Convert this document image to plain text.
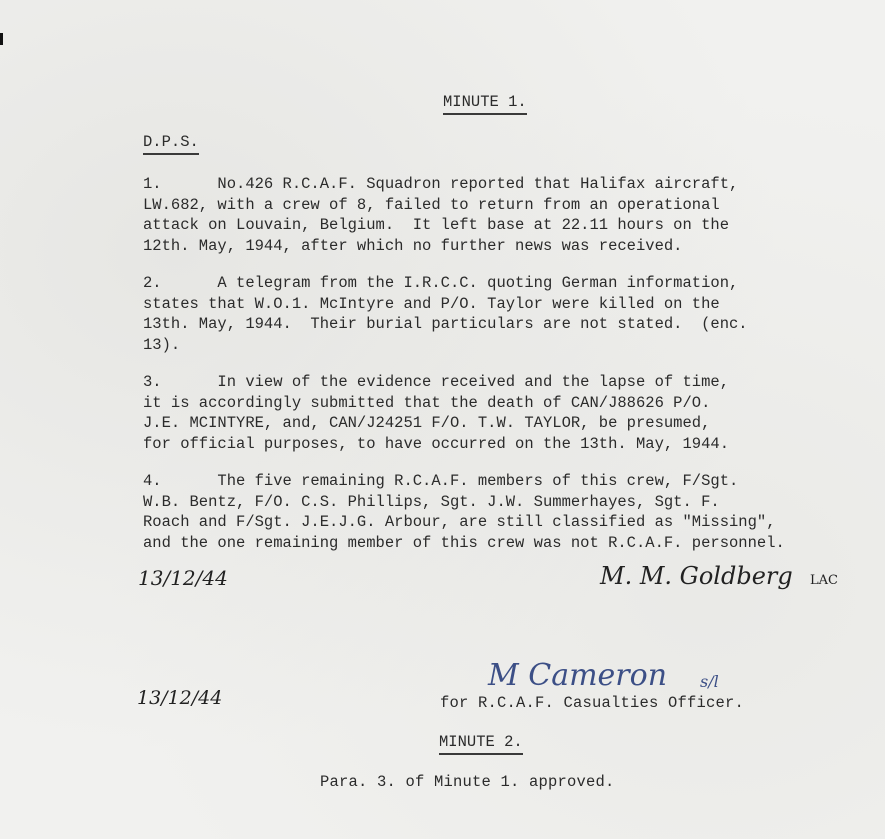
MINUTE 1.
D.P.S.
1.      No.426 R.C.A.F. Squadron reported that Halifax aircraft,
LW.682, with a crew of 8, failed to return from an operational
attack on Louvain, Belgium.  It left base at 22.11 hours on the
12th. May, 1944, after which no further news was received.
2.      A telegram from the I.R.C.C. quoting German information,
states that W.O.1. McIntyre and P/O. Taylor were killed on the
13th. May, 1944.  Their burial particulars are not stated.  (enc.
13).
3.      In view of the evidence received and the lapse of time,
it is accordingly submitted that the death of CAN/J88626 P/O.
J.E. MCINTYRE, and, CAN/J24251 F/O. T.W. TAYLOR, be presumed,
for official purposes, to have occurred on the 13th. May, 1944.
4.      The five remaining R.C.A.F. members of this crew, F/Sgt.
W.B. Bentz, F/O. C.S. Phillips, Sgt. J.W. Summerhayes, Sgt. F.
Roach and F/Sgt. J.E.J.G. Arbour, are still classified as "Missing",
and the one remaining member of this crew was not R.C.A.F. personnel.
13/12/44	M. M. Goldberg LAC
13/12/44
M Cameron s/l
for R.C.A.F. Casualties Officer.
MINUTE 2.
Para. 3. of Minute 1. approved.
